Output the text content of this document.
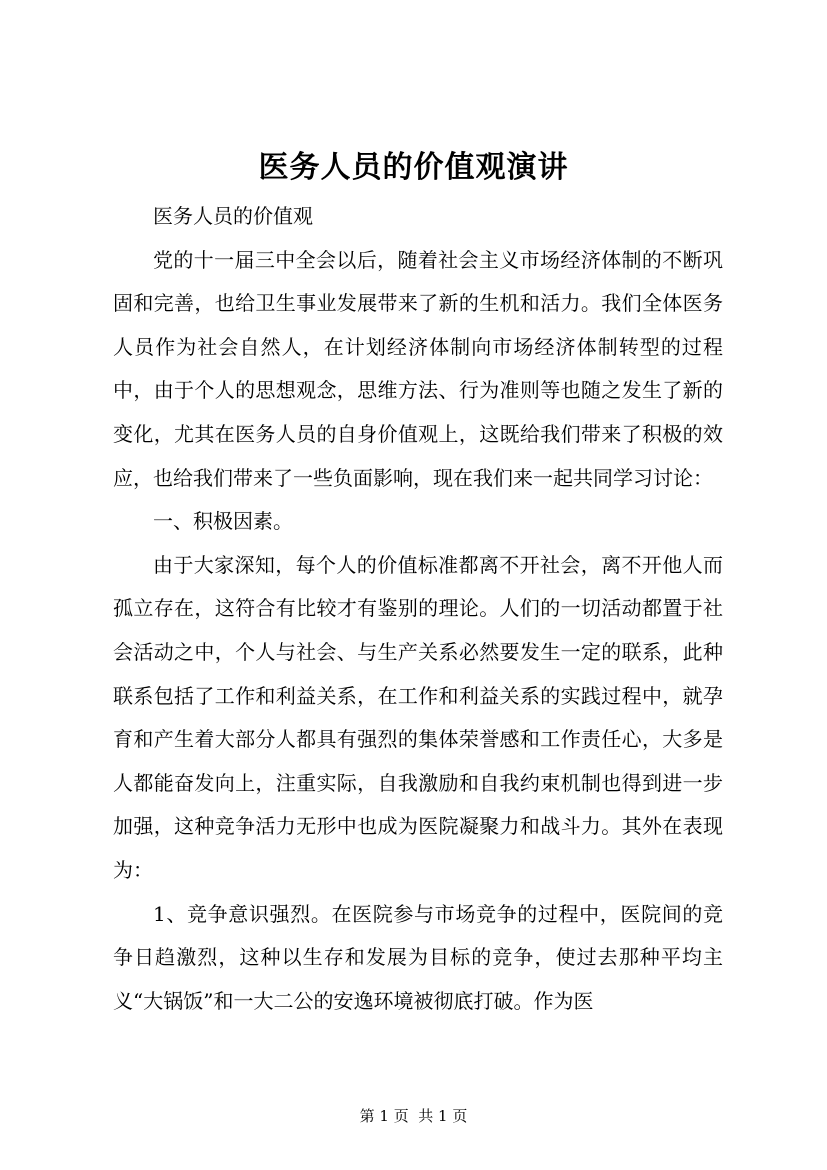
医务人员的价值观演讲

医务人员的价值观

党的十一届三中全会以后，随着社会主义市场经济体制的不断巩固和完善，也给卫生事业发展带来了新的生机和活力。我们全体医务人员作为社会自然人，在计划经济体制向市场经济体制转型的过程中，由于个人的思想观念，思维方法、行为准则等也随之发生了新的变化，尤其在医务人员的自身价值观上，这既给我们带来了积极的效应，也给我们带来了一些负面影响，现在我们来一起共同学习讨论：

一、积极因素。

由于大家深知，每个人的价值标准都离不开社会，离不开他人而孤立存在，这符合有比较才有鉴别的理论。人们的一切活动都置于社会活动之中，个人与社会、与生产关系必然要发生一定的联系，此种联系包括了工作和利益关系，在工作和利益关系的实践过程中，就孕育和产生着大部分人都具有强烈的集体荣誉感和工作责任心，大多是人都能奋发向上，注重实际，自我激励和自我约束机制也得到进一步加强，这种竞争活力无形中也成为医院凝聚力和战斗力。其外在表现为：

1、竞争意识强烈。在医院参与市场竞争的过程中，医院间的竞争日趋激烈，这种以生存和发展为目标的竞争，使过去那种平均主义“大锅饭”和一大二公的安逸环境被彻底打破。作为医

第 1 页  共 1 页
